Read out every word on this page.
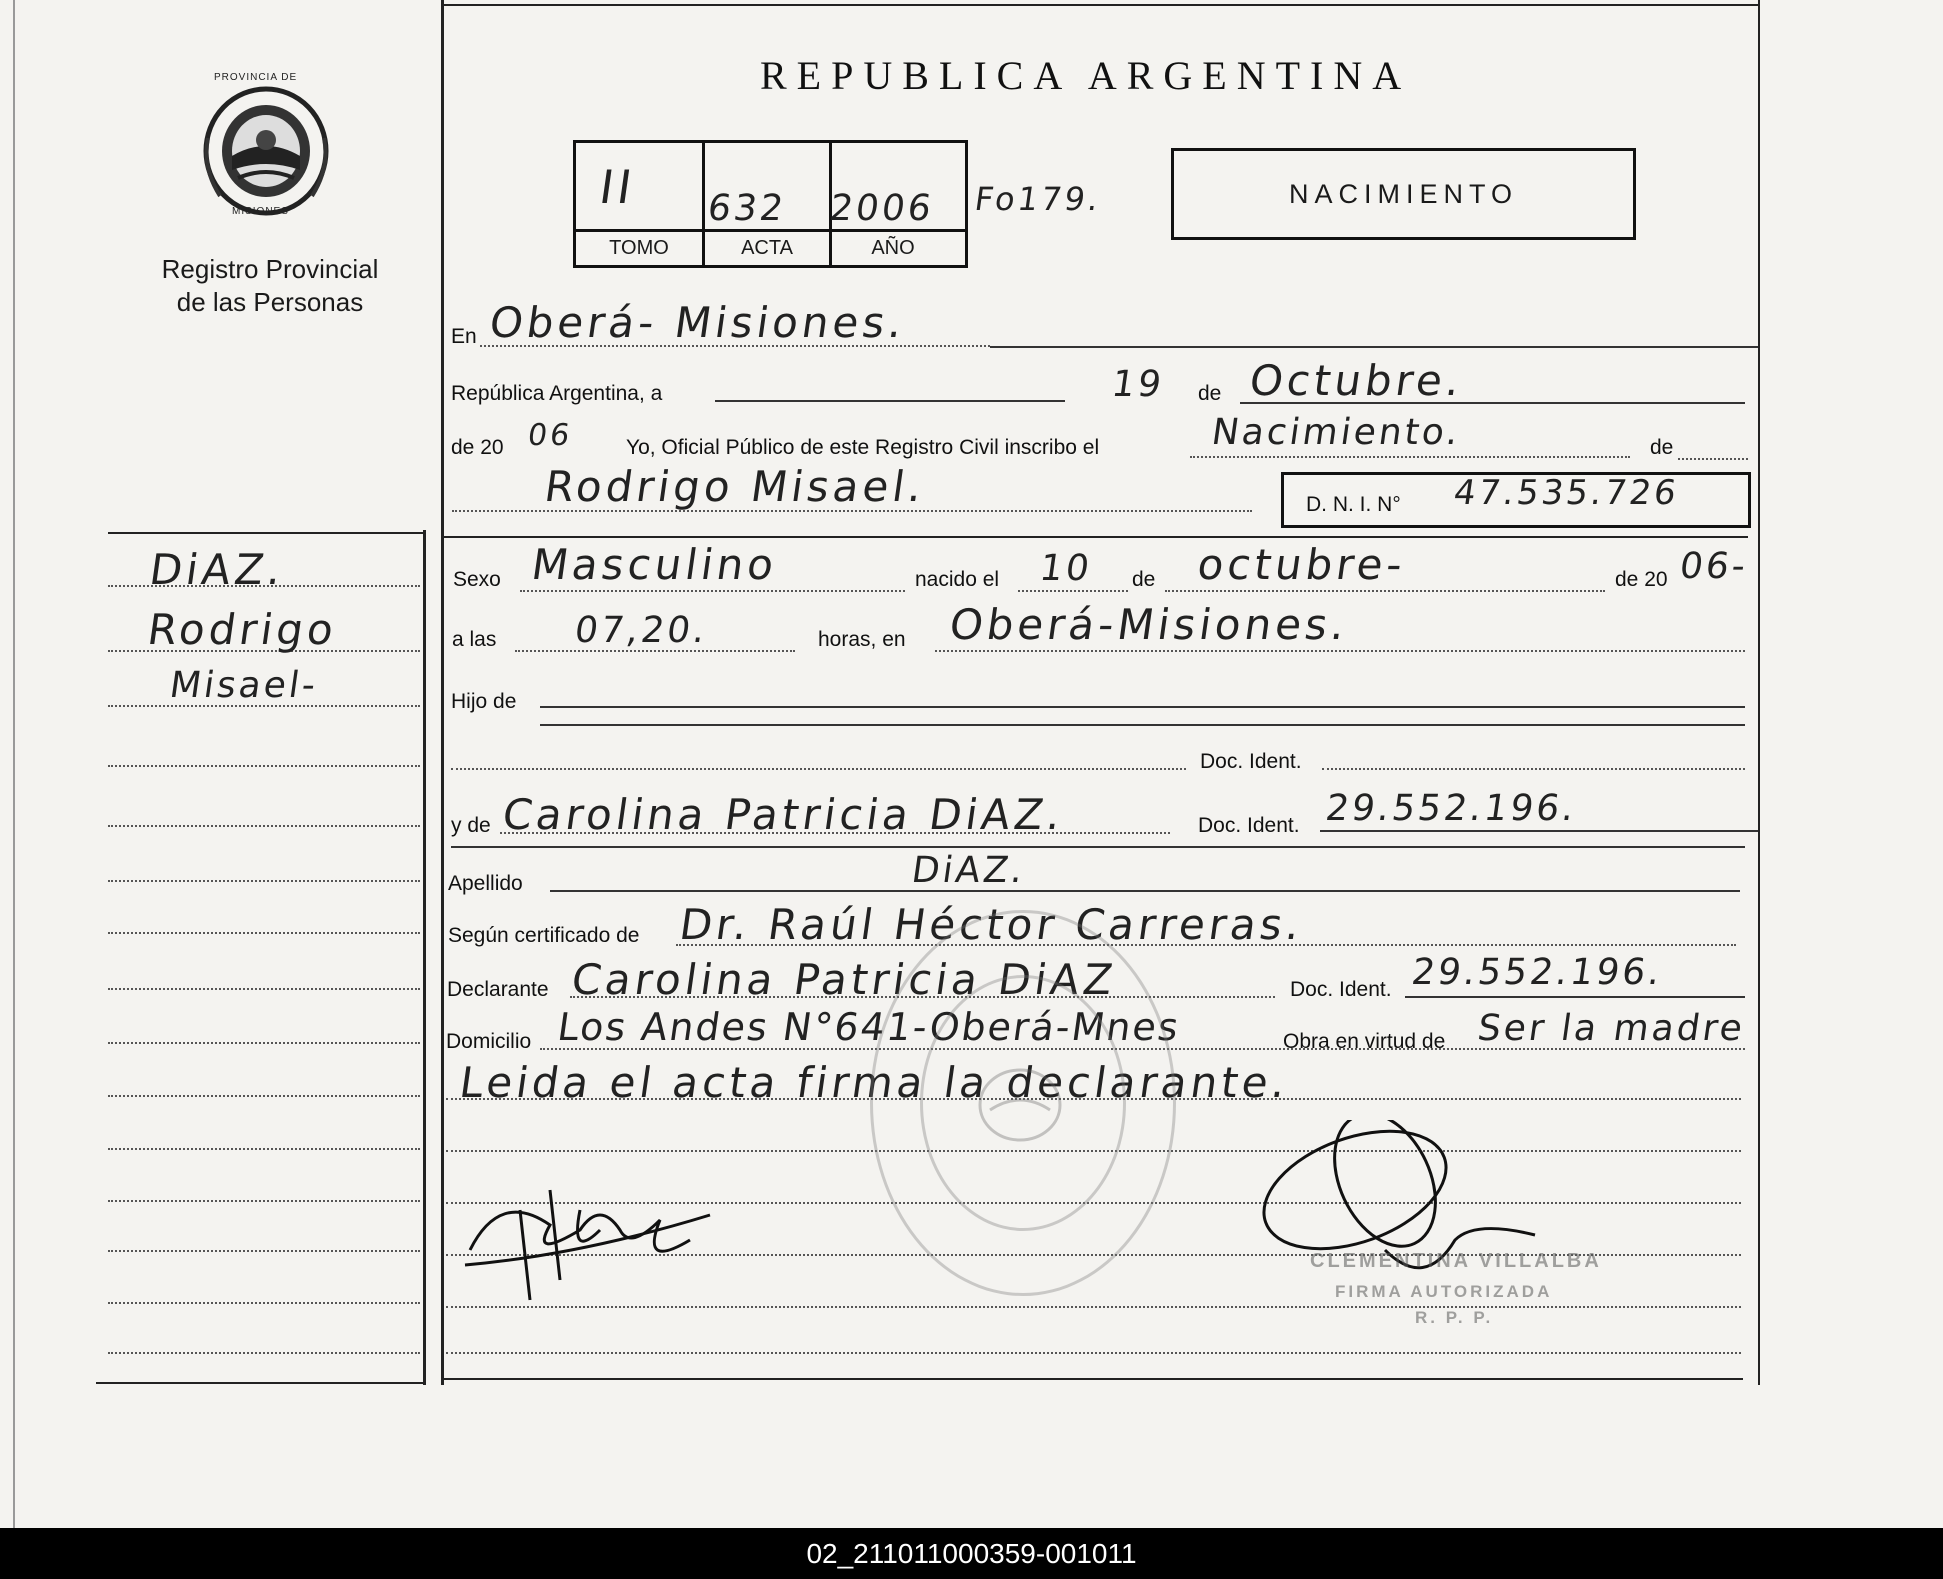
PROVINCIA DE
MISIONES
Registro Provincial
de las Personas
REPUBLICA ARGENTINA
TOMO	ACTA	AÑO
II 632 2006 Fo179.	NACIMIENTO
En Oberá- Misiones.
República Argentina, a	19 de Octubre.
de 20 06 Yo, Oficial Público de este Registro Civil inscribo el	Nacimiento.	de
Rodrigo Misael.	D. N. I. N° 47.535.726
Sexo Masculino	nacido el 10 de octubre-	de 20 06-
a las 07,20.	horas, en Oberá-Misiones.
Hijo de
Doc. Ident.
y de Carolina Patricia DiAZ.	Doc. Ident. 29.552.196.
Apellido	DiAZ.
Según certificado de Dr. Raúl Héctor Carreras.
Declarante Carolina Patricia DiAZ	Doc. Ident. 29.552.196.
Domicilio Los Andes N°641-Oberá-Mnes	Obra en virtud de Ser la madre
Leida el acta firma la declarante.
DiAZ.
Rodrigo
Misael-
CLEMENTINA VILLALBA
FIRMA AUTORIZADA
R. P. P.
02_211011000359-001011
